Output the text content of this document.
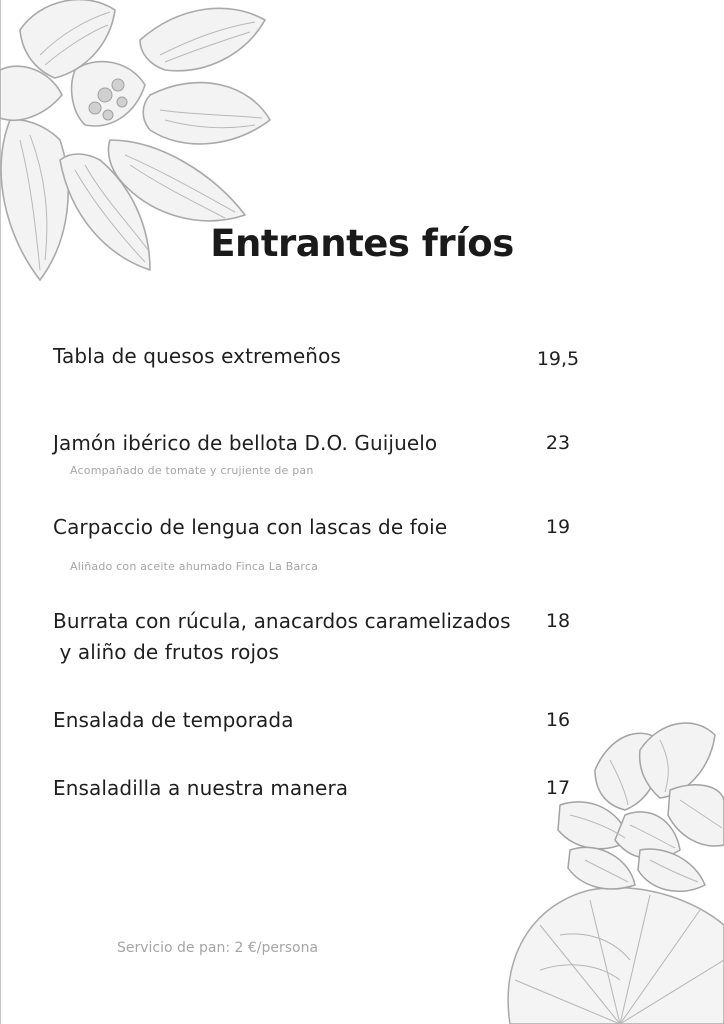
Entrantes fríos
Tabla de quesos extremeños	19,5
Jamón ibérico de bellota D.O. Guijuelo	23
Acompañado de tomate y crujiente de pan
Carpaccio de lengua con lascas de foie	19
Aliñado con aceite ahumado Finca La Barca
Burrata con rúcula, anacardos caramelizados
y aliño de frutos rojos
18
Ensalada de temporada	16
Ensaladilla a nuestra manera	17
Servicio de pan: 2 €/persona
